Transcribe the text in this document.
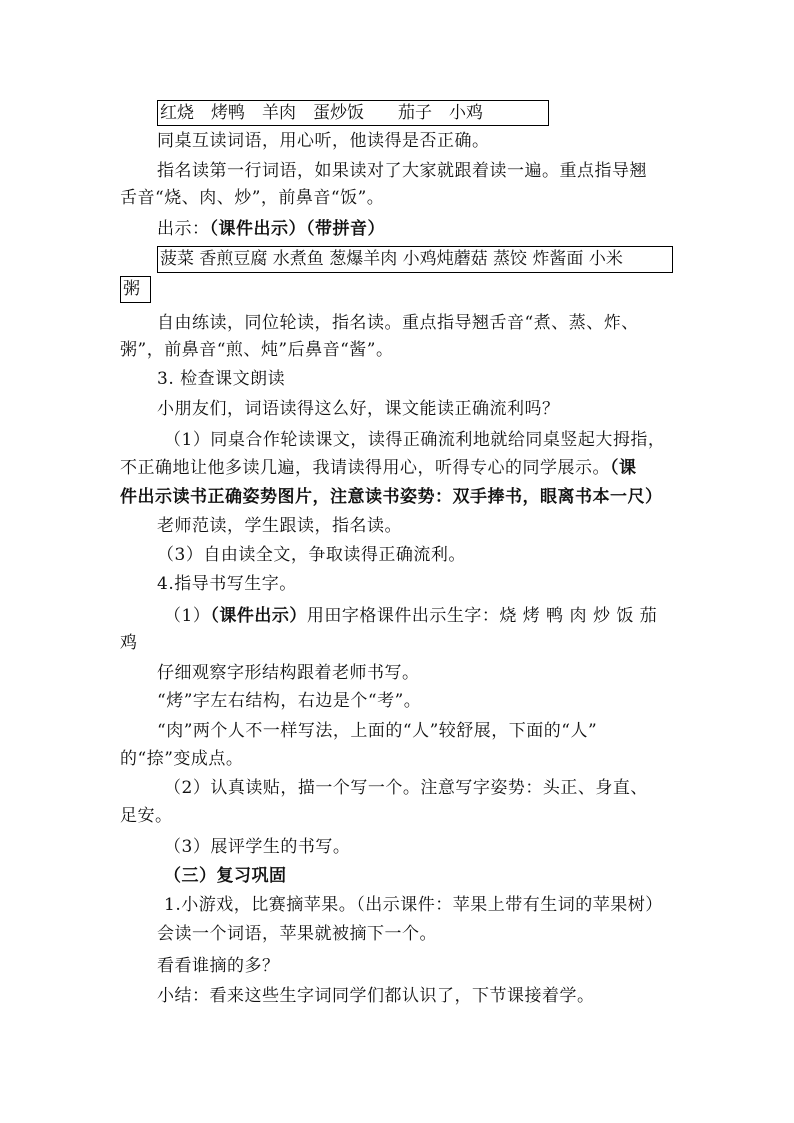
红烧　烤鸭　羊肉　蛋炒饭　　茄子　小鸡
同桌互读词语，用心听，他读得是否正确。
指名读第一行词语，如果读对了大家就跟着读一遍。重点指导翘
舌音“烧、肉、炒”，前鼻音“饭”。
出示：（课件出示）（带拼音）
菠菜 香煎豆腐 水煮鱼 葱爆羊肉 小鸡炖蘑菇 蒸饺 炸酱面 小米
粥
自由练读，同位轮读，指名读。重点指导翘舌音“煮、蒸、炸、
粥”，前鼻音“煎、炖”后鼻音“酱”。
3. 检查课文朗读
小朋友们，词语读得这么好，课文能读正确流利吗？
（1）同桌合作轮读课文，读得正确流利地就给同桌竖起大拇指，
不正确地让他多读几遍，我请读得用心，听得专心的同学展示。（课
件出示读书正确姿势图片，注意读书姿势：双手捧书，眼离书本一尺）
老师范读，学生跟读，指名读。
（3）自由读全文，争取读得正确流利。
4.指导书写生字。
（1）（课件出示）用田字格课件出示生字：烧 烤 鸭 肉 炒 饭 茄
鸡
仔细观察字形结构跟着老师书写。
“烤”字左右结构，右边是个“考”。
“肉”两个人不一样写法，上面的“人”较舒展，下面的“人”
的“捺”变成点。
（2）认真读贴，描一个写一个。注意写字姿势：头正、身直、
足安。
（3）展评学生的书写。
（三）复习巩固
1.小游戏，比赛摘苹果。（出示课件：苹果上带有生词的苹果树）
会读一个词语，苹果就被摘下一个。
看看谁摘的多？
小结：看来这些生字词同学们都认识了，下节课接着学。
